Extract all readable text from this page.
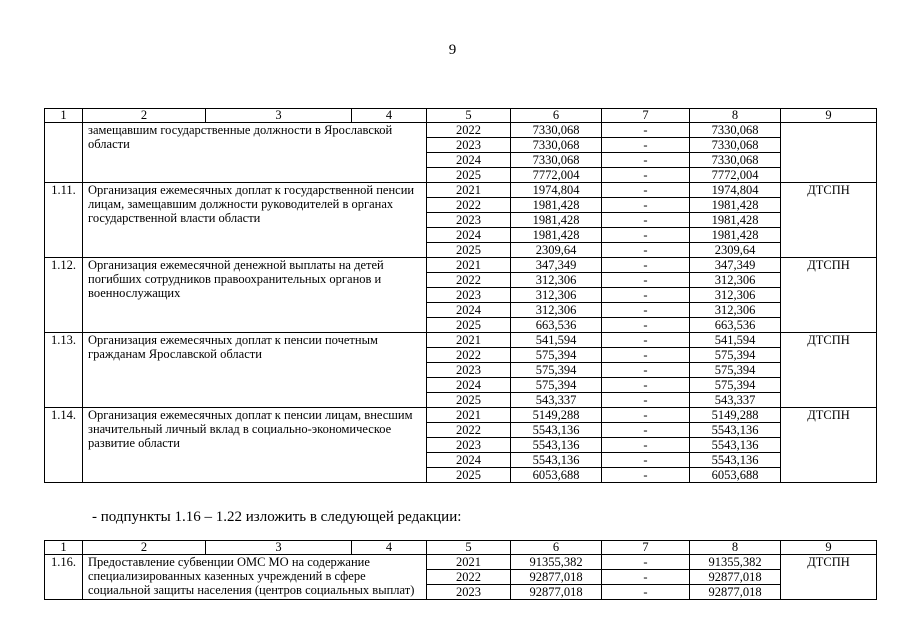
9
1	2	3	4	5	6	7	8	9
	замещавшим государственные должности в Ярославской области			2022	7330,068	-	7330,068	
				2023	7330,068	-	7330,068	
				2024	7330,068	-	7330,068	
				2025	7772,004	-	7772,004	
1.11.	Организация ежемесячных доплат к государственной пенсии лицам, замещавшим должности руководителей в органах государственной власти области			2021	1974,804	-	1974,804	ДТСПН
				2022	1981,428	-	1981,428	
				2023	1981,428	-	1981,428	
				2024	1981,428	-	1981,428	
				2025	2309,64	-	2309,64	
1.12.	Организация ежемесячной денежной выплаты на детей погибших сотрудников правоохранительных органов и военнослужащих			2021	347,349	-	347,349	ДТСПН
				2022	312,306	-	312,306	
				2023	312,306	-	312,306	
				2024	312,306	-	312,306	
				2025	663,536	-	663,536	
1.13.	Организация ежемесячных доплат к пенсии почетным гражданам Ярославской области			2021	541,594	-	541,594	ДТСПН
				2022	575,394	-	575,394	
				2023	575,394	-	575,394	
				2024	575,394	-	575,394	
				2025	543,337	-	543,337	
1.14.	Организация ежемесячных доплат к пенсии лицам, внесшим значительный личный вклад в социально-экономическое развитие области			2021	5149,288	-	5149,288	ДТСПН
				2022	5543,136	-	5543,136	
				2023	5543,136	-	5543,136	
				2024	5543,136	-	5543,136	
				2025	6053,688	-	6053,688	
- подпункты 1.16 – 1.22 изложить в следующей редакции:
1	2	3	4	5	6	7	8	9
1.16.	Предоставление субвенции ОМС МО на содержание специализированных казенных учреждений в сфере социальной защиты населения (центров социальных выплат)			2021	91355,382	-	91355,382	ДТСПН
				2022	92877,018	-	92877,018	
				2023	92877,018	-	92877,018	
